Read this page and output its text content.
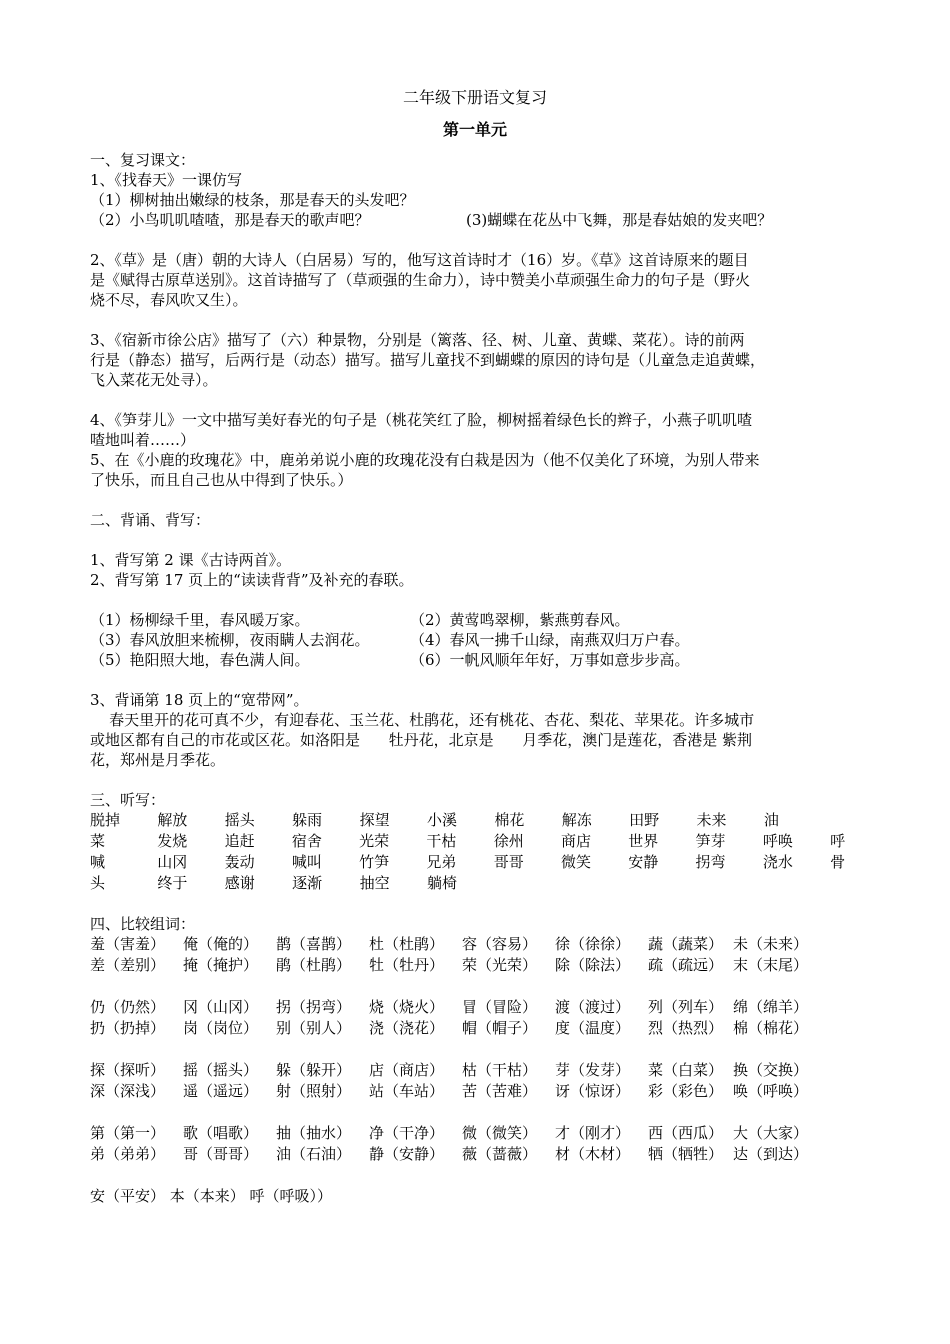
二年级下册语文复习
第一单元
一、复习课文：
1、《找春天》一课仿写
（1）柳树抽出嫩绿的枝条，那是春天的头发吧？
（2）小鸟叽叽喳喳，那是春天的歌声吧？	(3)蝴蝶在花丛中飞舞，那是春姑娘的发夹吧？
2、《草》是（唐）朝的大诗人（白居易）写的，他写这首诗时才（16）岁。《草》这首诗原来的题目
是《赋得古原草送别》。这首诗描写了（草顽强的生命力），诗中赞美小草顽强生命力的句子是（野火
烧不尽，春风吹又生）。
3、《宿新市徐公店》描写了（六）种景物，分别是（篱落、径、树、儿童、黄蝶、菜花）。诗的前两
行是（静态）描写，后两行是（动态）描写。描写儿童找不到蝴蝶的原因的诗句是（儿童急走追黄蝶，
飞入菜花无处寻）。
4、《笋芽儿》一文中描写美好春光的句子是（桃花笑红了脸，柳树摇着绿色长的辫子，小燕子叽叽喳
喳地叫着……）
5、在《小鹿的玫瑰花》中，鹿弟弟说小鹿的玫瑰花没有白栽是因为（他不仅美化了环境，为别人带来
了快乐，而且自己也从中得到了快乐。）
二、背诵、背写：
1、背写第 2 课《古诗两首》。
2、背写第 17 页上的“读读背背”及补充的春联。
（1）杨柳绿千里，春风暖万家。	（2）黄莺鸣翠柳，紫燕剪春风。
（3）春风放胆来梳柳，夜雨瞒人去润花。	（4）春风一拂千山绿，南燕双归万户春。
（5）艳阳照大地，春色满人间。	（6）一帆风顺年年好，万事如意步步高。
3、背诵第 18 页上的“宽带网”。
春天里开的花可真不少，有迎春花、玉兰花、杜鹃花，还有桃花、杏花、梨花、苹果花。许多城市
或地区都有自己的市花或区花。如洛阳是      牡丹花，北京是      月季花，澳门是莲花，香港是 紫荆
花，郑州是月季花。
三、听写：
脱掉	解放	摇头	躲雨	探望	小溪	棉花	解冻	田野	未来	油
菜	发烧	追赶	宿舍	光荣	干枯	徐州	商店	世界	笋芽	呼唤	呼
喊	山冈	轰动	喊叫	竹笋	兄弟	哥哥	微笑	安静	拐弯	浇水	骨
头	终于	感谢	逐渐	抽空	躺椅
四、比较组词：
羞（害羞）	俺（俺的）	鹊（喜鹊）	杜（杜鹃）	容（容易）	徐（徐徐）	蔬（蔬菜） 未（未来）
差（差别）	掩（掩护）	鹃（杜鹃）	牡（牡丹）	荣（光荣）	除（除法）	疏（疏远） 末（末尾）
仍（仍然）	冈（山冈）	拐（拐弯）	烧（烧火）	冒（冒险）	渡（渡过）	列（列车） 绵（绵羊）
扔（扔掉）	岗（岗位）	别（别人）	浇（浇花）	帽（帽子）	度（温度）	烈（热烈） 棉（棉花）
探（探听）	摇（摇头）	躲（躲开）	店（商店）	枯（干枯）	芽（发芽）	菜（白菜） 换（交换）
深（深浅）	遥（遥远）	射（照射）	站（车站）	苦（苦难）	讶（惊讶）	彩（彩色） 唤（呼唤）
第（第一）	歌（唱歌）	抽（抽水）	净（干净）	微（微笑）	才（刚才）	西（西瓜） 大（大家）
弟（弟弟）	哥（哥哥）	油（石油）	静（安静）	薇（蔷薇）	材（木材）	牺（牺牲） 达（到达）
安（平安） 本（本来） 呼（呼吸））
